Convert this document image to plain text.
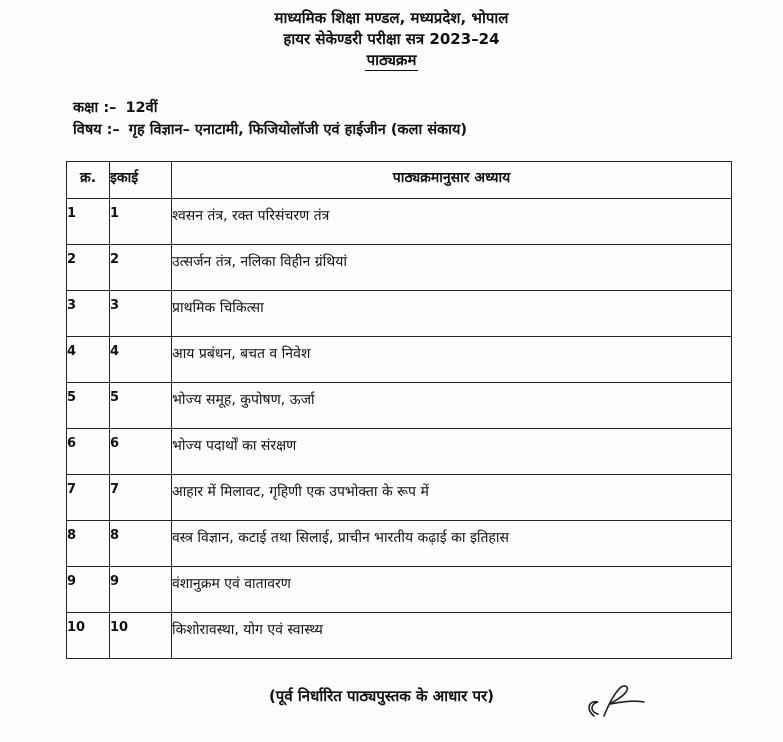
माध्यमिक शिक्षा मण्डल, मध्यप्रदेश, भोपाल
हायर सेकेण्डरी परीक्षा सत्र 2023–24
पाठ्यक्रम
कक्षा :– 12वीं
विषय :– गृह विज्ञान– एनाटामी, फिजियोलॉजी एवं हाईजीन (कला संकाय)
क्र.	इकाई	पाठ्यक्रमानुसार अध्याय
1	1	श्वसन तंत्र, रक्त परिसंचरण तंत्र
2	2	उत्सर्जन तंत्र, नलिका विहीन ग्रंथियां
3	3	प्राथमिक चिकित्सा
4	4	आय प्रबंधन, बचत व निवेश
5	5	भोज्य समूह, कुपोषण, ऊर्जा
6	6	भोज्य पदार्थों का संरक्षण
7	7	आहार में मिलावट, गृहिणी एक उपभोक्ता के रूप में
8	8	वस्त्र विज्ञान, कटाई तथा सिलाई, प्राचीन भारतीय कढ़ाई का इतिहास
9	9	वंशानुक्रम एवं वातावरण
10	10	किशोरावस्था, योग एवं स्वास्थ्य
(पूर्व निर्धारित पाठ्यपुस्तक के आधार पर)
